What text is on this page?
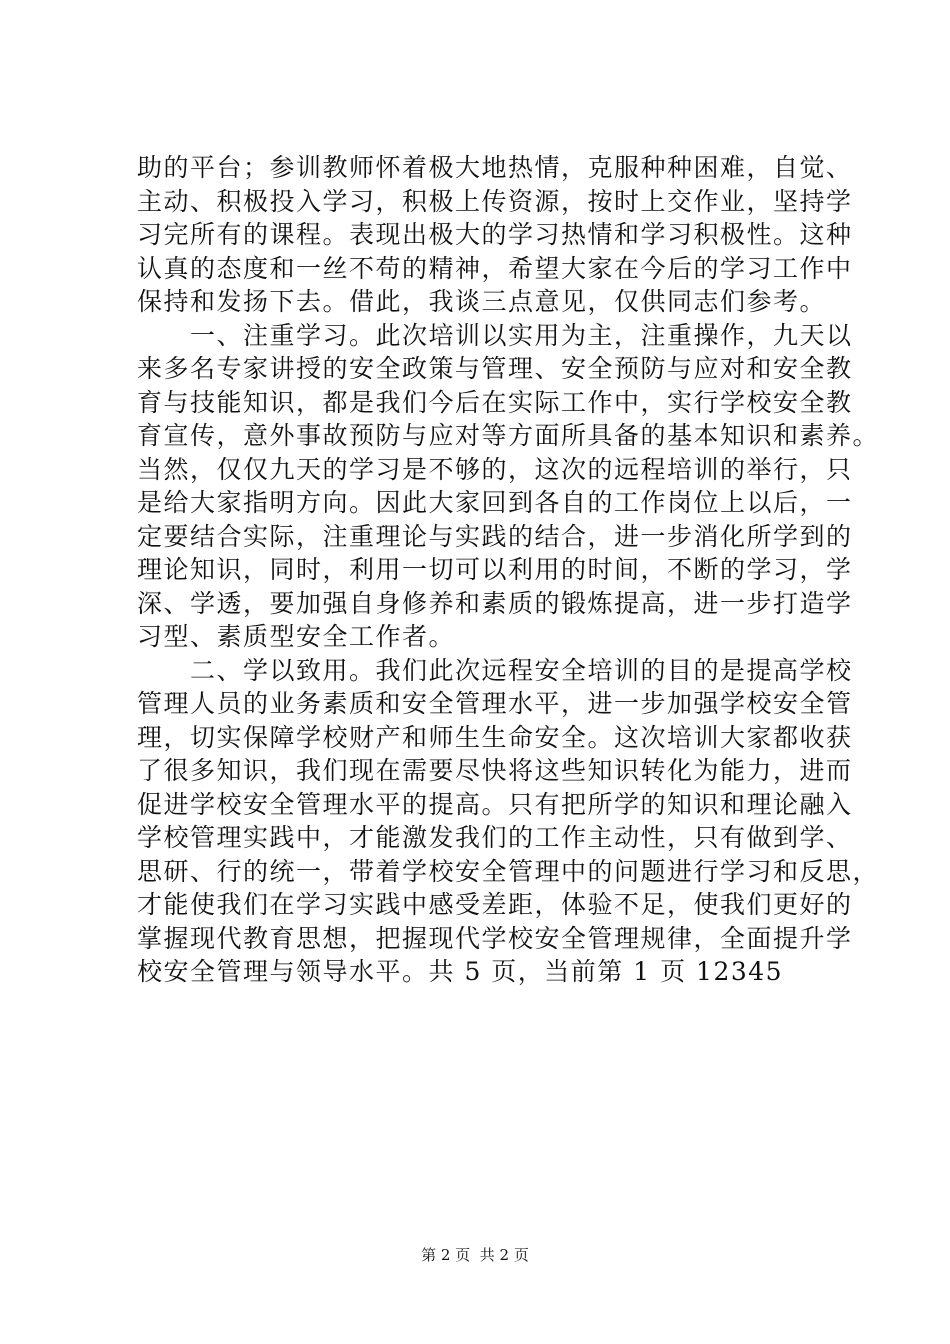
助的平台；参训教师怀着极大地热情，克服种种困难，自觉、
主动、积极投入学习，积极上传资源，按时上交作业，坚持学
习完所有的课程。表现出极大的学习热情和学习积极性。这种
认真的态度和一丝不苟的精神，希望大家在今后的学习工作中
保持和发扬下去。借此，我谈三点意见，仅供同志们参考。
　　一、注重学习。此次培训以实用为主，注重操作，九天以
来多名专家讲授的安全政策与管理、安全预防与应对和安全教
育与技能知识，都是我们今后在实际工作中，实行学校安全教
育宣传，意外事故预防与应对等方面所具备的基本知识和素养。
当然，仅仅九天的学习是不够的，这次的远程培训的举行，只
是给大家指明方向。因此大家回到各自的工作岗位上以后，一
定要结合实际，注重理论与实践的结合，进一步消化所学到的
理论知识，同时，利用一切可以利用的时间，不断的学习，学
深、学透，要加强自身修养和素质的锻炼提高，进一步打造学
习型、素质型安全工作者。
　　二、学以致用。我们此次远程安全培训的目的是提高学校
管理人员的业务素质和安全管理水平，进一步加强学校安全管
理，切实保障学校财产和师生生命安全。这次培训大家都收获
了很多知识，我们现在需要尽快将这些知识转化为能力，进而
促进学校安全管理水平的提高。只有把所学的知识和理论融入
学校管理实践中，才能激发我们的工作主动性，只有做到学、
思研、行的统一，带着学校安全管理中的问题进行学习和反思，
才能使我们在学习实践中感受差距，体验不足，使我们更好的
掌握现代教育思想，把握现代学校安全管理规律，全面提升学
校安全管理与领导水平。共 5 页，当前第 1 页 12345
第 2 页  共 2 页
